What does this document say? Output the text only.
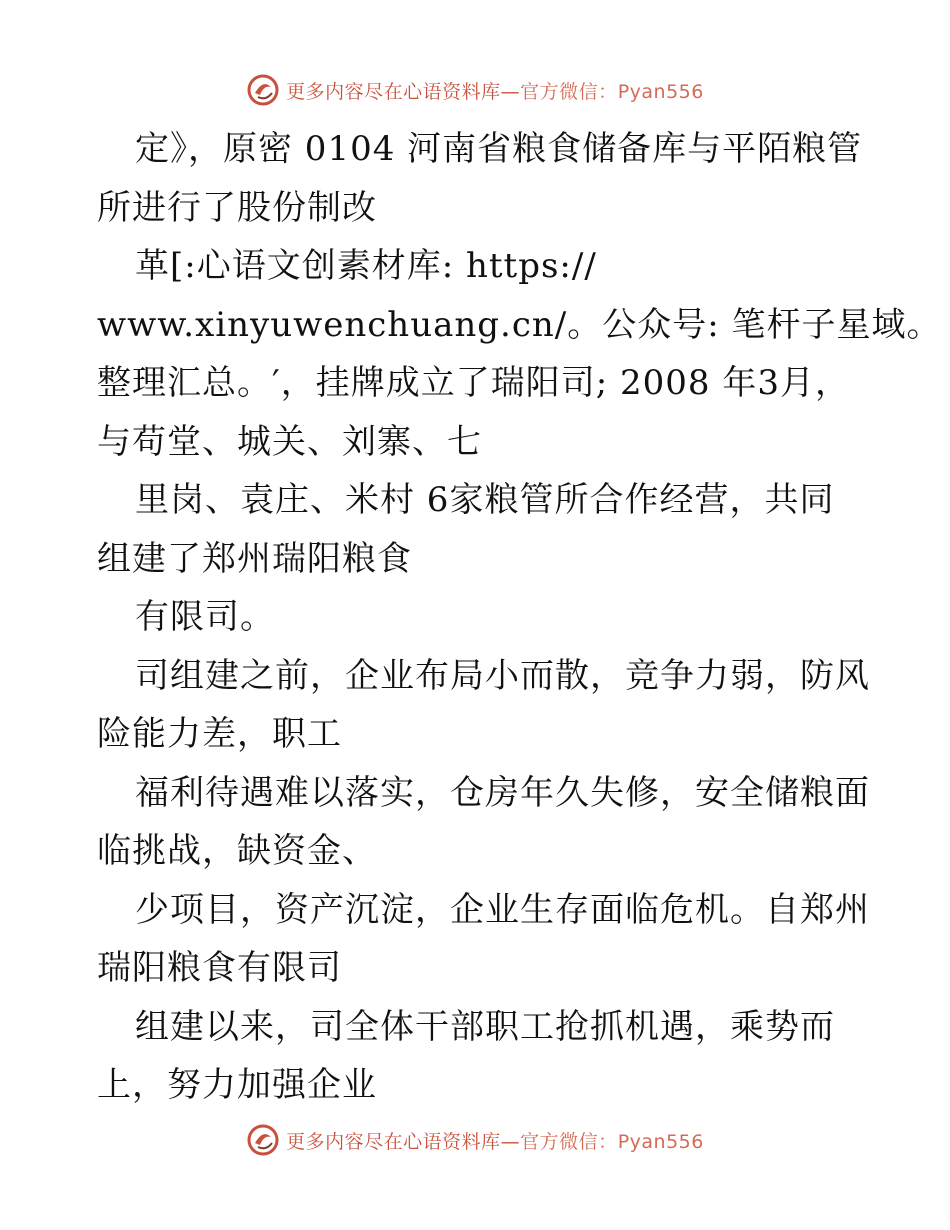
更多内容尽在心语资料库—官方微信：Pyan556
定》，原密 0104 河南省粮食储备库与平陌粮管
所进行了股份制改
革[:心语文创素材库: https://
www.xinyuwenchuang.cn/。公众号: 笔杆子星域。
整理汇总。′，挂牌成立了瑞阳司; 2008 年3月，
与苟堂、城关、刘寨、七
里岗、袁庄、米村 6家粮管所合作经营，共同
组建了郑州瑞阳粮食
有限司。
司组建之前，企业布局小而散，竞争力弱，防风
险能力差，职工
福利待遇难以落实，仓房年久失修，安全储粮面
临挑战，缺资金、
少项目，资产沉淀，企业生存面临危机。自郑州
瑞阳粮食有限司
组建以来，司全体干部职工抢抓机遇，乘势而
上，努力加强企业
更多内容尽在心语资料库—官方微信：Pyan556
